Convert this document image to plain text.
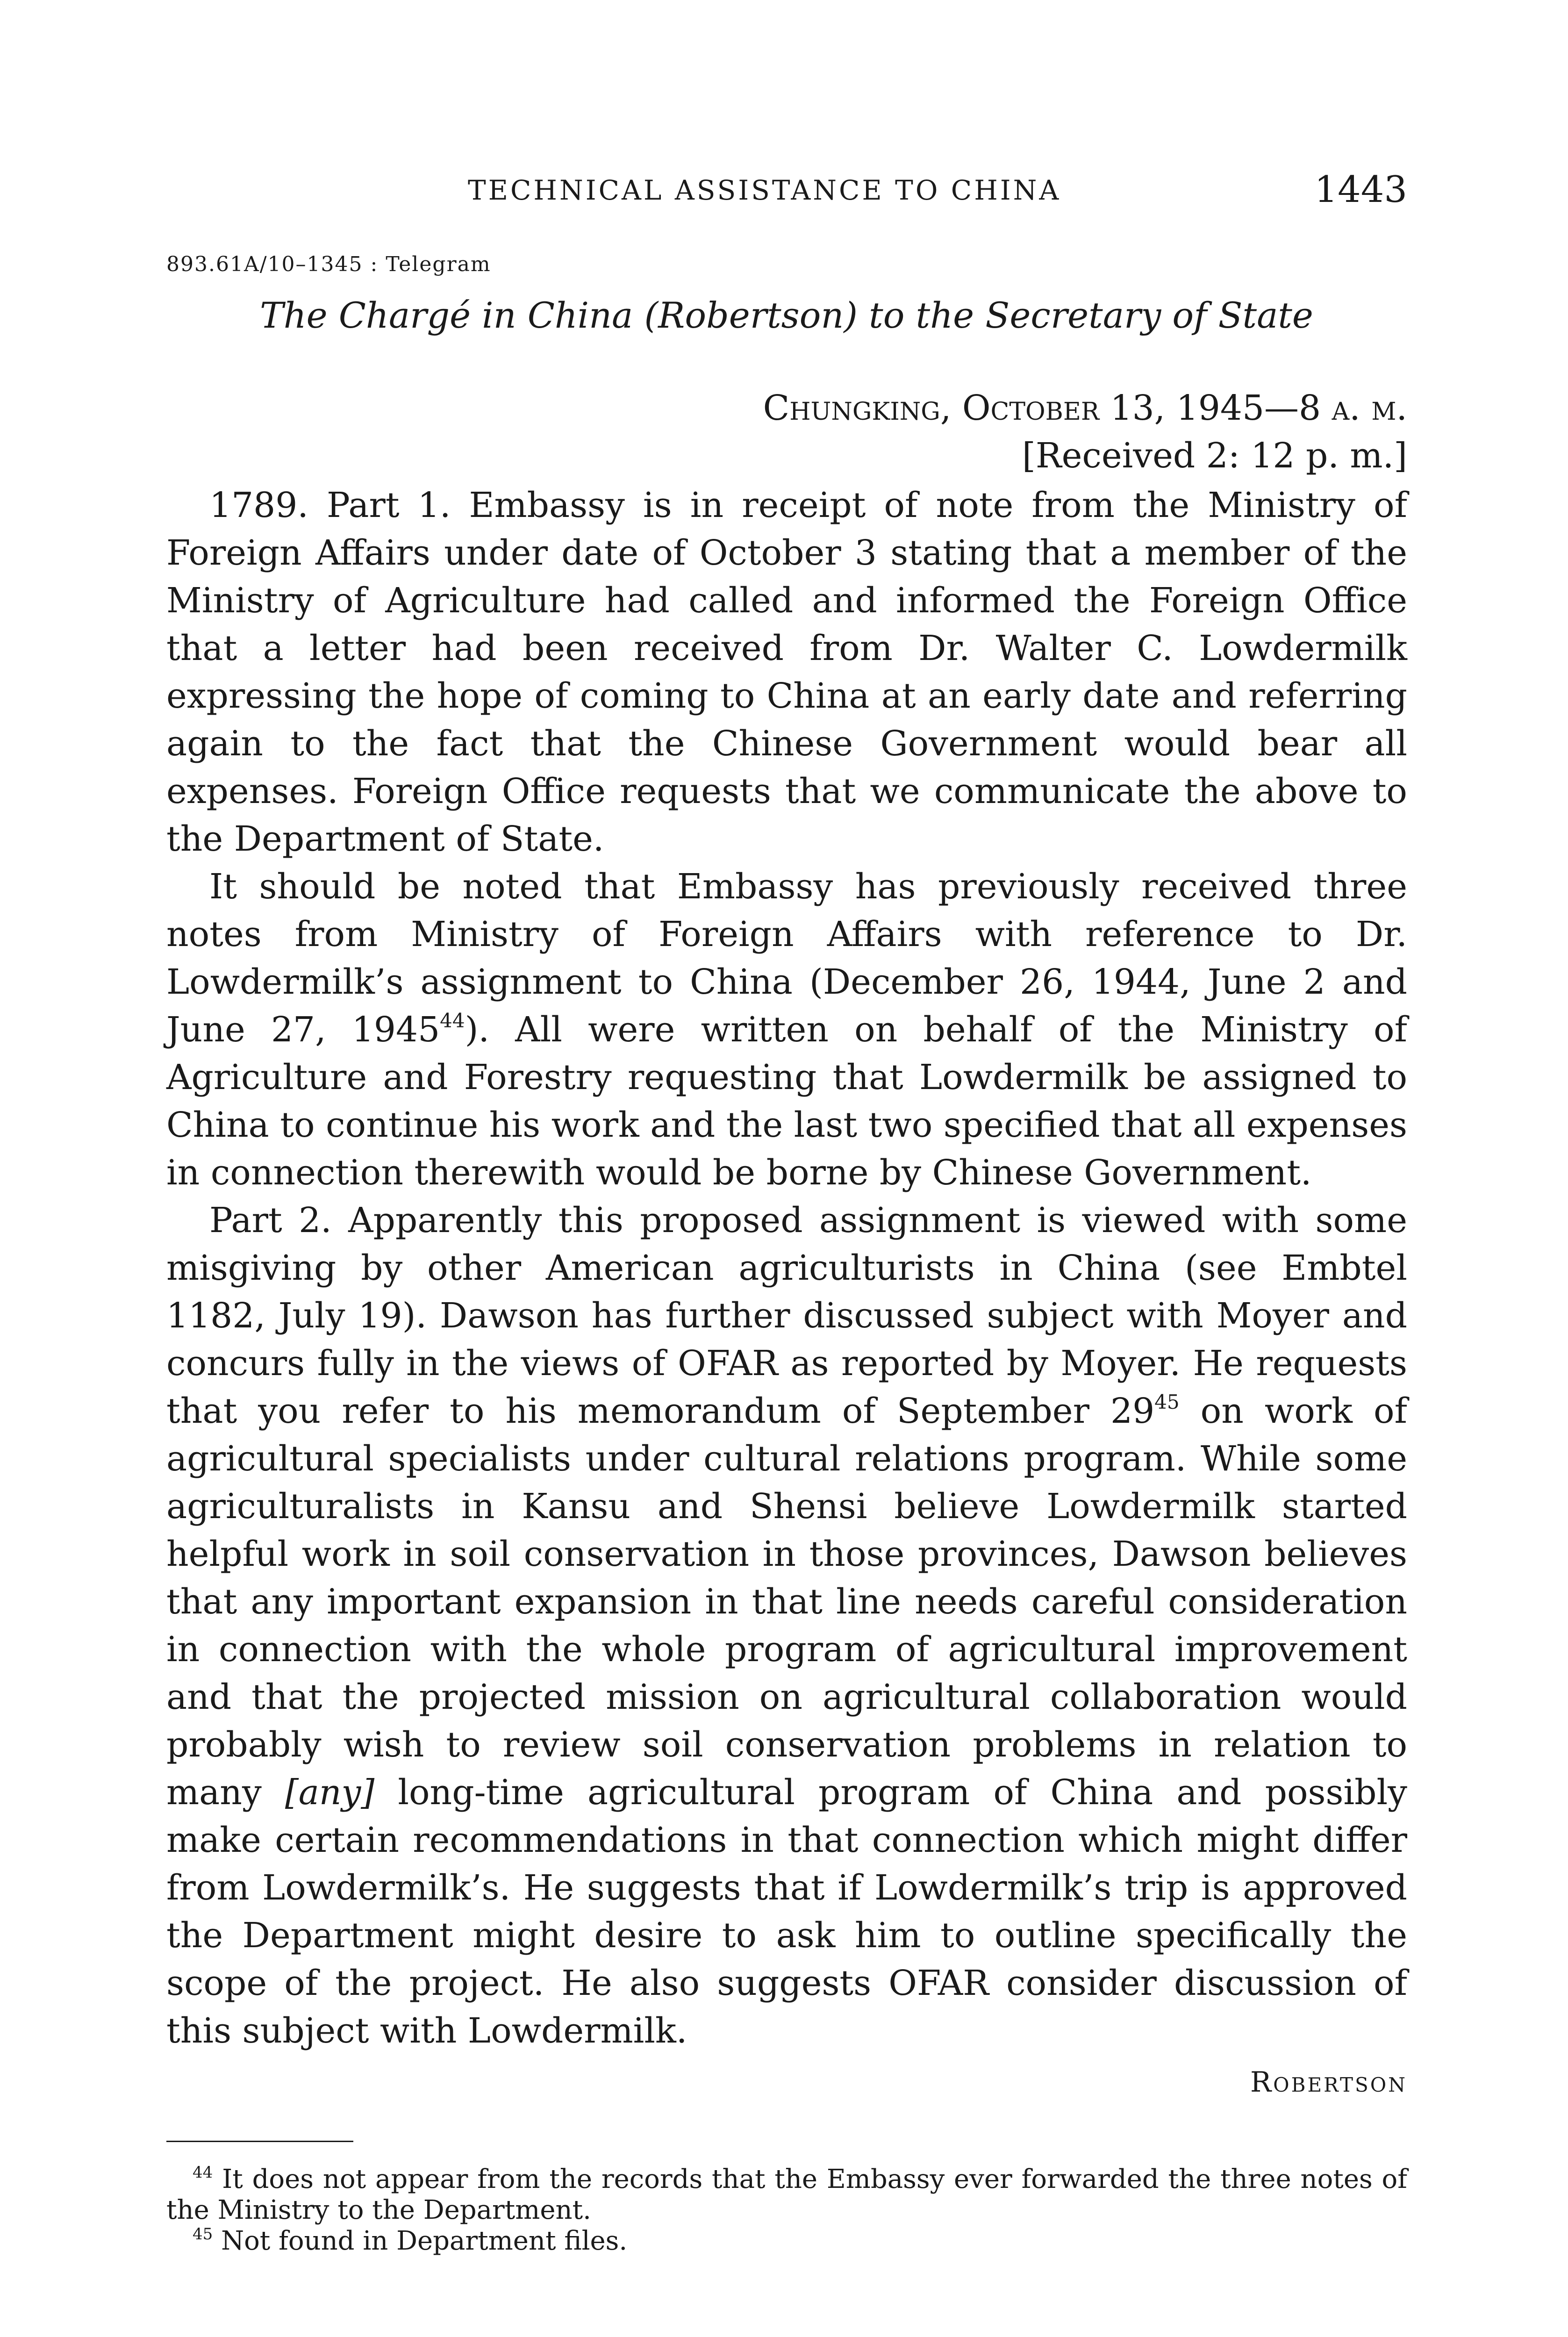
TECHNICAL ASSISTANCE TO CHINA	1443
893.61A/10–1345 : Telegram
The Chargé in China (Robertson) to the Secretary of State
Chungking, October 13, 1945—8 a. m.
[Received 2: 12 p. m.]

1789. Part 1. Embassy is in receipt of note from the Ministry of Foreign Affairs under date of October 3 stating that a member of the Ministry of Agriculture had called and informed the Foreign Office that a letter had been received from Dr. Walter C. Lowdermilk expressing the hope of coming to China at an early date and referring again to the fact that the Chinese Government would bear all expenses. Foreign Office requests that we communicate the above to the Department of State.

It should be noted that Embassy has previously received three notes from Ministry of Foreign Affairs with reference to Dr. Lowdermilk’s assignment to China (December 26, 1944, June 2 and June 27, 1945$^{44}$). All were written on behalf of the Ministry of Agriculture and Forestry requesting that Lowdermilk be assigned to China to continue his work and the last two specified that all expenses in connection therewith would be borne by Chinese Government.

Part 2. Apparently this proposed assignment is viewed with some misgiving by other American agriculturists in China (see Embtel 1182, July 19). Dawson has further discussed subject with Moyer and concurs fully in the views of OFAR as reported by Moyer. He requests that you refer to his memorandum of September $29^{45}$ on work of agricultural specialists under cultural relations program. While some agriculturalists in Kansu and Shensi believe Lowdermilk started helpful work in soil conservation in those provinces, Dawson believes that any important expansion in that line needs careful consideration in connection with the whole program of agricultural improvement and that the projected mission on agricultural collaboration would probably wish to review soil conservation problems in relation to many [any] long-time agricultural program of China and possibly make certain recommendations in that connection which might differ from Lowdermilk’s. He suggests that if Lowdermilk’s trip is approved the Department might desire to ask him to outline specifically the scope of the project. He also suggests OFAR consider discussion of this subject with Lowdermilk.

Robertson

$^{44}$ It does not appear from the records that the Embassy ever forwarded the three notes of the Ministry to the Department.

$^{45}$ Not found in Department files.
